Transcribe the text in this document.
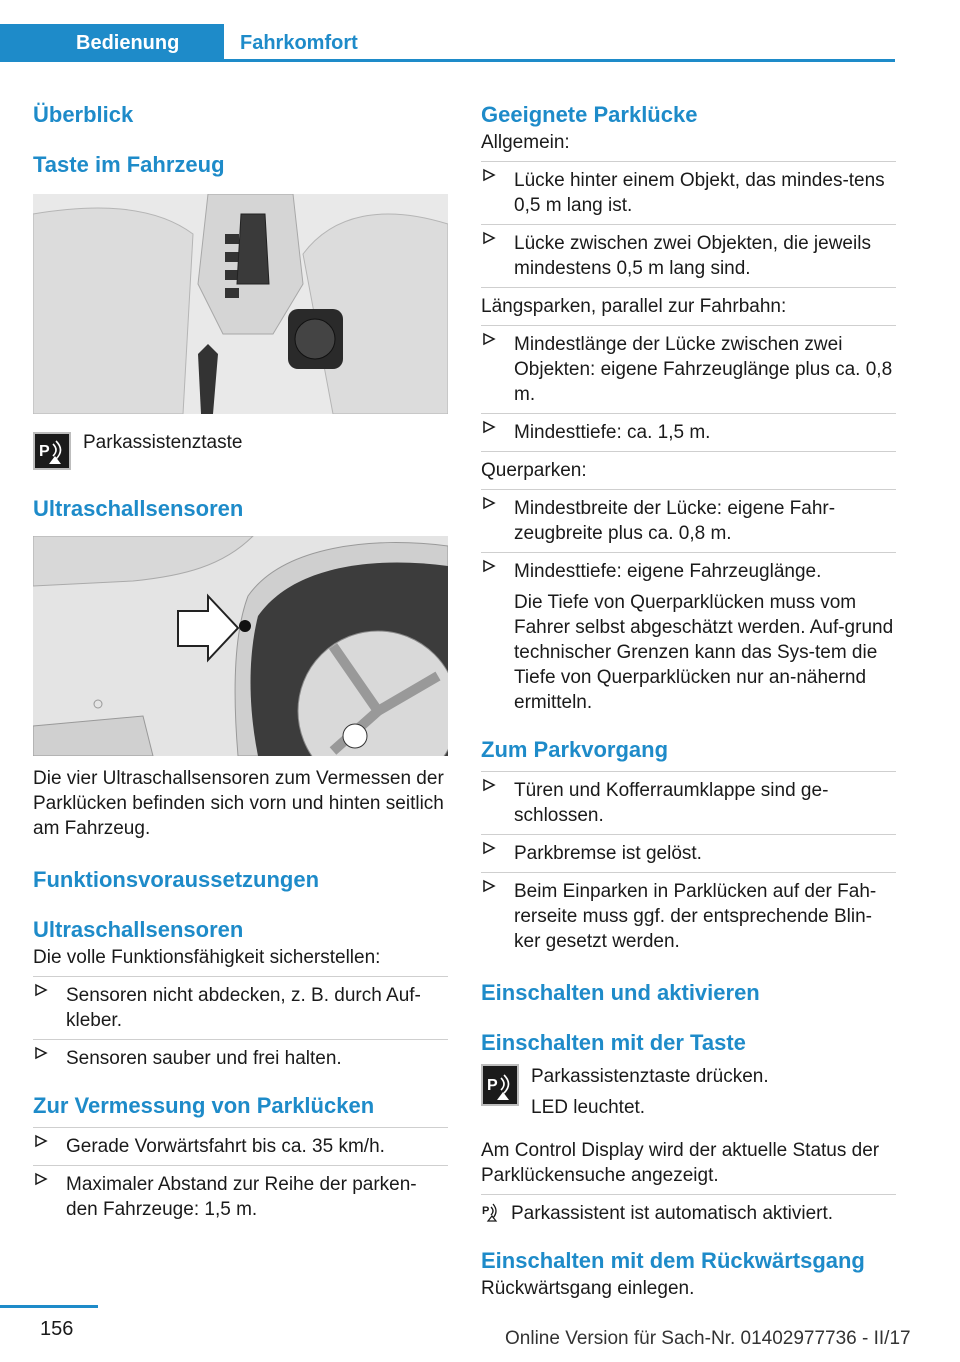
Bedienung	Fahrkomfort
Überblick
Taste im Fahrzeug
P Parkassistenztaste
Ultraschallsensoren
Die vier Ultraschallsensoren zum Vermessen der Parklücken befinden sich vorn und hinten seitlich am Fahrzeug.
Funktionsvoraussetzungen
Ultraschallsensoren
Die volle Funktionsfähigkeit sicherstellen:
Sensoren nicht abdecken, z. B. durch Auf-kleber.
Sensoren sauber und frei halten.
Zur Vermessung von Parklücken
Gerade Vorwärtsfahrt bis ca. 35 km/h.
Maximaler Abstand zur Reihe der parken-den Fahrzeuge: 1,5 m.
Geeignete Parklücke
Allgemein:
Lücke hinter einem Objekt, das mindes-tens 0,5 m lang ist.
Lücke zwischen zwei Objekten, die jeweils mindestens 0,5 m lang sind.
Längsparken, parallel zur Fahrbahn:
Mindestlänge der Lücke zwischen zwei Objekten: eigene Fahrzeuglänge plus ca. 0,8 m.
Mindesttiefe: ca. 1,5 m.
Querparken:
Mindestbreite der Lücke: eigene Fahr-zeugbreite plus ca. 0,8 m.
Mindesttiefe: eigene Fahrzeuglänge.
Die Tiefe von Querparklücken muss vom Fahrer selbst abgeschätzt werden. Auf-grund technischer Grenzen kann das Sys-tem die Tiefe von Querparklücken nur an-nähernd ermitteln.
Zum Parkvorgang
Türen und Kofferraumklappe sind ge-schlossen.
Parkbremse ist gelöst.
Beim Einparken in Parklücken auf der Fah-rerseite muss ggf. der entsprechende Blin-ker gesetzt werden.
Einschalten und aktivieren
Einschalten mit der Taste
P Parkassistenztaste drücken.
LED leuchtet.
Am Control Display wird der aktuelle Status der Parklückensuche angezeigt.
P Parkassistent ist automatisch aktiviert.
Einschalten mit dem Rückwärtsgang
Rückwärtsgang einlegen.
156	Online Version für Sach-Nr. 01402977736 - II/17
